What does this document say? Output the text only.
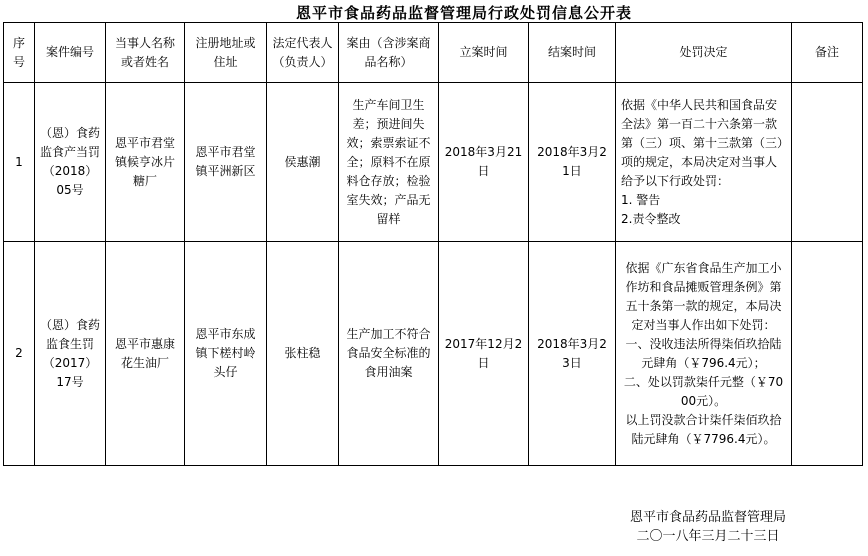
恩平市食品药品监督管理局行政处罚信息公开表
序号	案件编号	当事人名称或者姓名	注册地址或住址	法定代表人（负责人）	案由（含涉案商品名称）	立案时间	结案时间	处罚决定	备注
1	（恩）食药监食产当罚（2018）05号	恩平市君堂镇候亨冰片糖厂	恩平市君堂镇平洲新区	侯惠潮	生产车间卫生差；预进间失效；索票索证不全；原料不在原料仓存放；检验室失效；产品无留样	2018年3月21日	2018年3月21日	依据《中华人民共和国食品安全法》第一百二十六条第一款第（三）项、第十三款第（三）项的规定，本局决定对当事人给予以下行政处罚：
1. 警告
2.责令整改	

2	（恩）食药监食生罚（2017）17号	恩平市惠康花生油厂	恩平市东成镇下槎村岭头仔	张柱稳	生产加工不符合食品安全标准的食用油案	2017年12月2日	2018年3月23日	依据《广东省食品生产加工小作坊和食品摊贩管理条例》第五十条第一款的规定，本局决定对当事人作出如下处罚：
一、没收违法所得柒佰玖拾陆元肆角（￥796.4元）；
二、处以罚款柒仟元整（￥7000元）。
以上罚没款合计柒仟柒佰玖拾陆元肆角（￥7796.4元）。	

恩平市食品药品监督管理局
二〇一八年三月二十三日
